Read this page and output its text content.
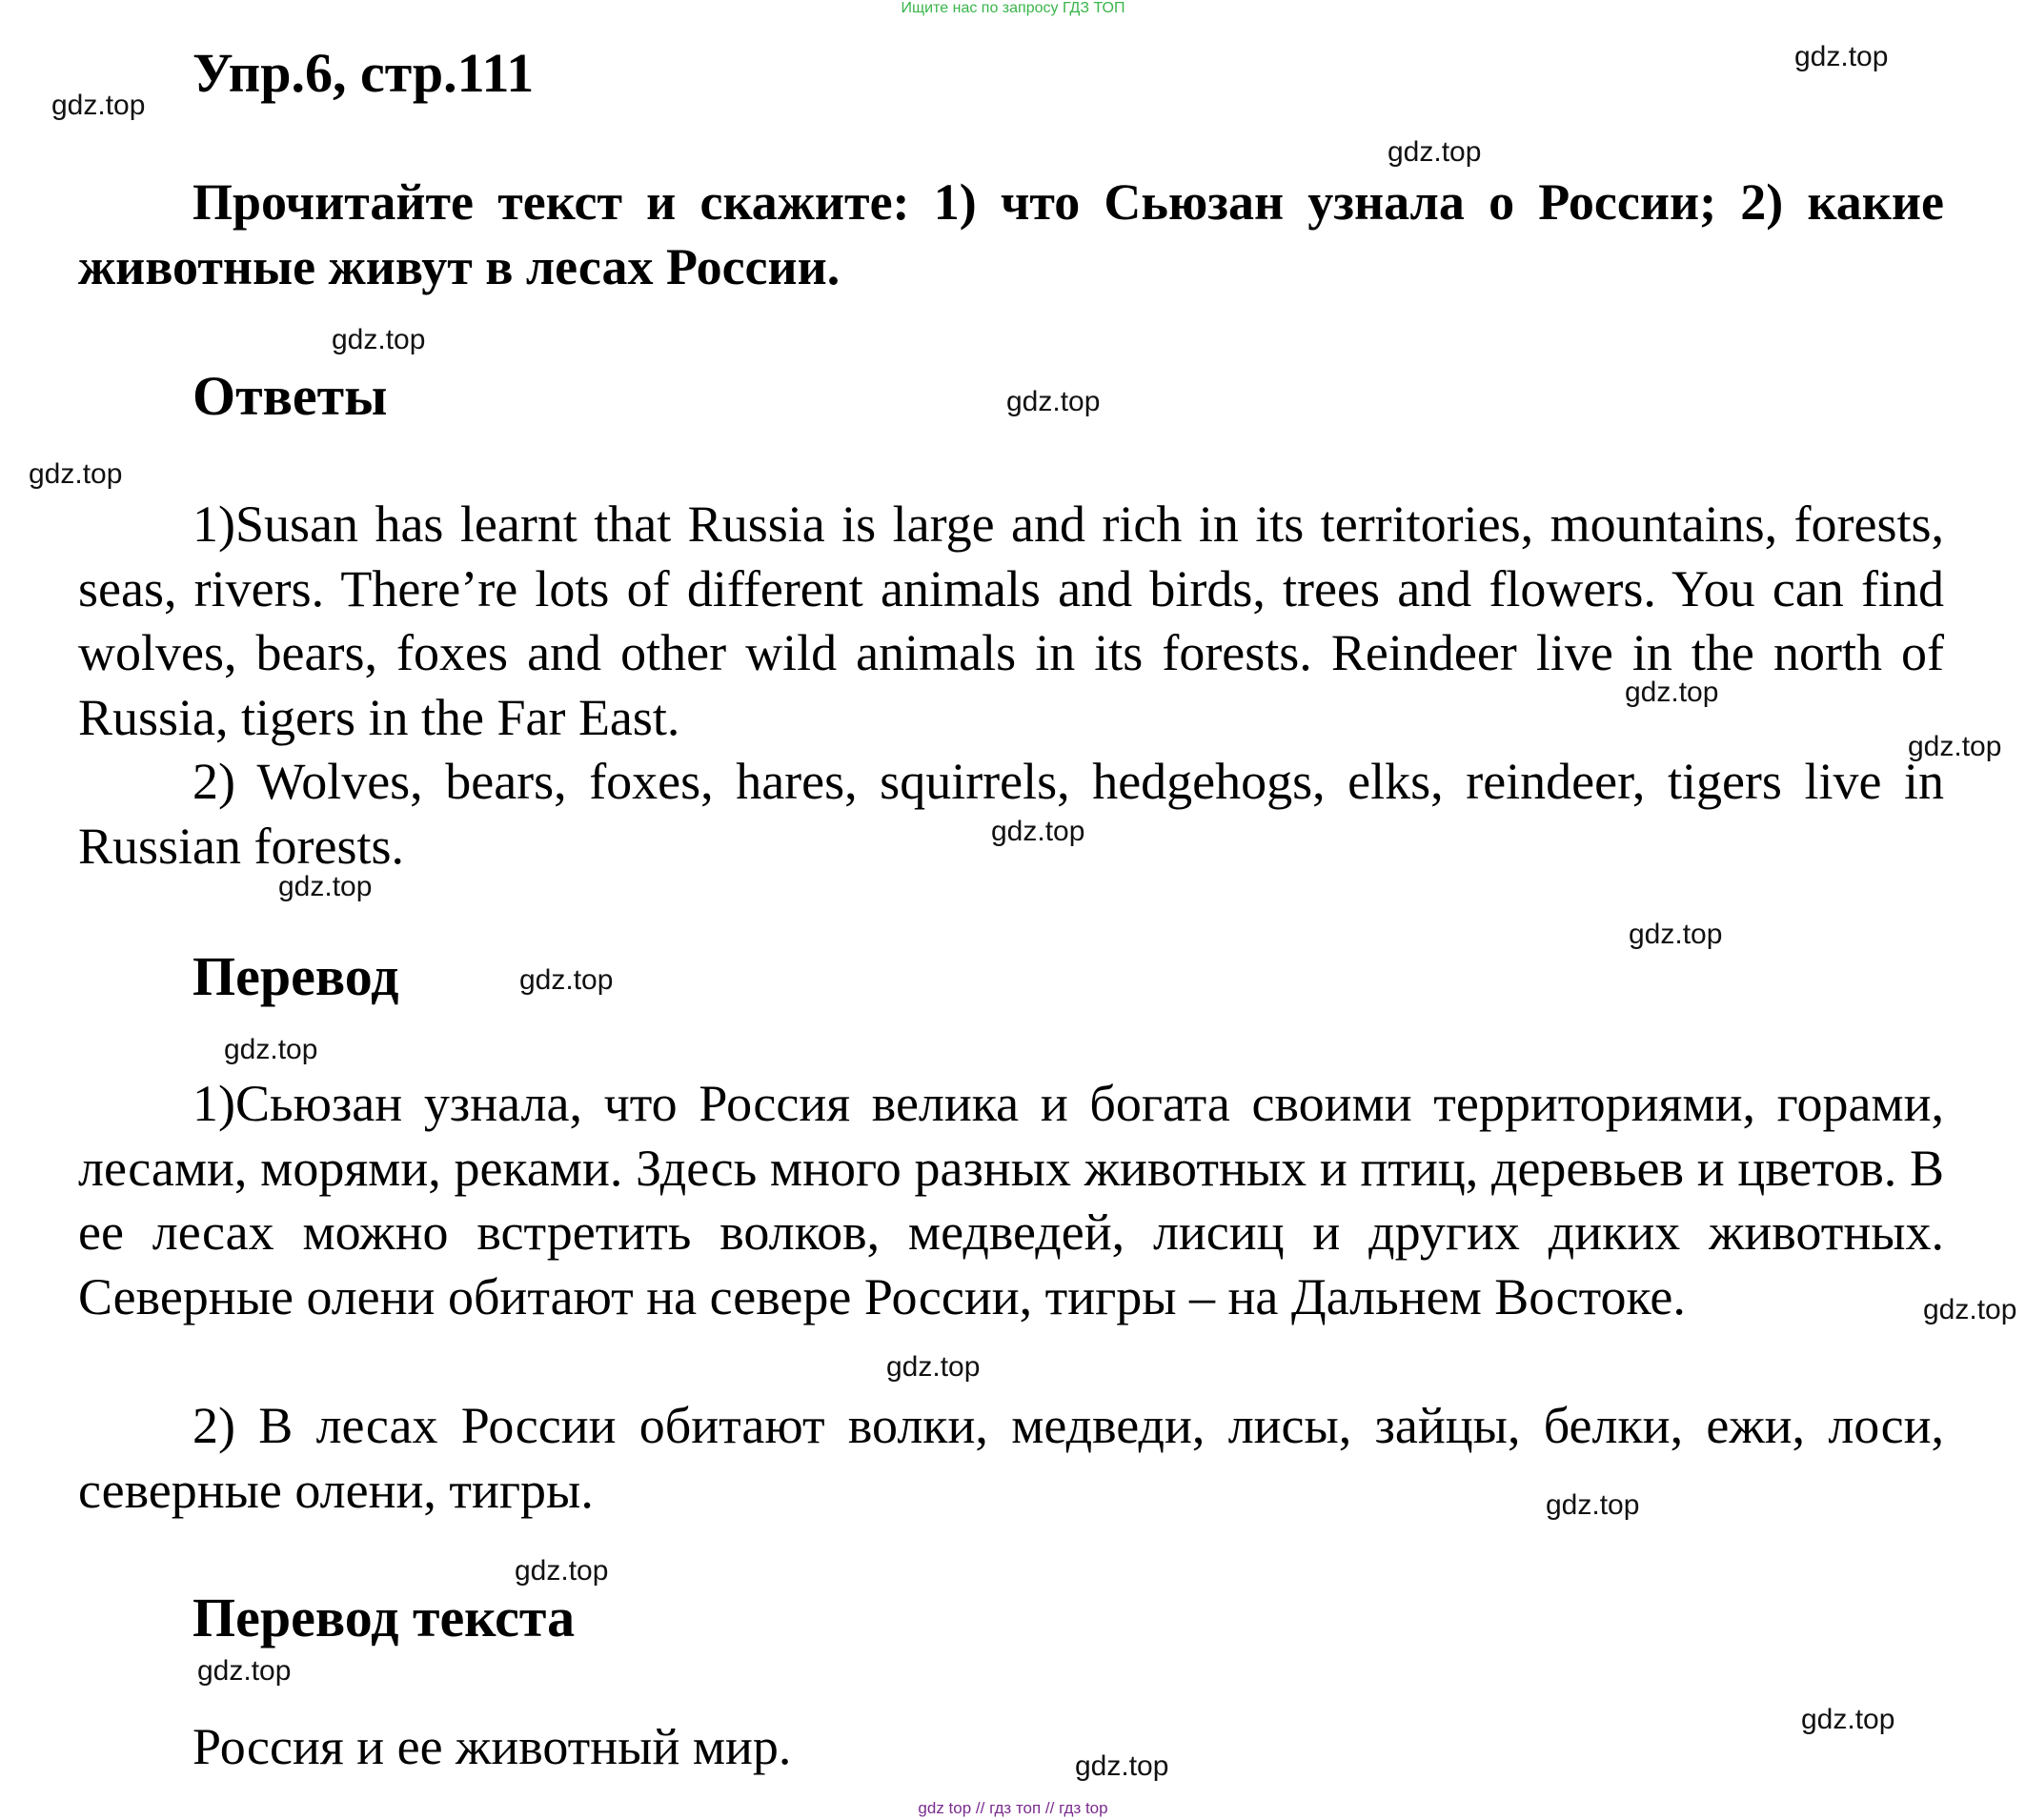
Ищите нас по запросу ГДЗ ТОП
Упр.6, стр.111
Прочитайте текст и скажите: 1) что Сьюзан узнала о России; 2) какие животные живут в лесах России.
Ответы
1)Susan has learnt that Russia is large and rich in its territories, mountains, forests, seas, rivers. There’re lots of different animals and birds, trees and flowers. You can find wolves, bears, foxes and other wild animals in its forests. Reindeer live in the north of Russia, tigers in the Far East.
2) Wolves, bears, foxes, hares, squirrels, hedgehogs, elks, reindeer, tigers live in Russian forests.
Перевод
1)Сьюзан узнала, что Россия велика и богата своими территориями, горами, лесами, морями, реками. Здесь много разных животных и птиц, деревьев и цветов. В ее лесах можно встретить волков, медведей, лисиц и других диких животных. Северные олени обитают на севере России, тигры – на Дальнем Востоке.
2) В лесах России обитают волки, медведи, лисы, зайцы, белки, ежи, лоси, северные олени, тигры.
Перевод текста
Россия и ее животный мир.
gdz.top
gdz.top
gdz.top
gdz.top
gdz.top
gdz.top
gdz.top
gdz.top
gdz.top
gdz.top
gdz.top
gdz.top
gdz.top
gdz.top
gdz.top
gdz.top
gdz.top
gdz.top
gdz.top
gdz.top
gdz top // гдз топ // гдз top
